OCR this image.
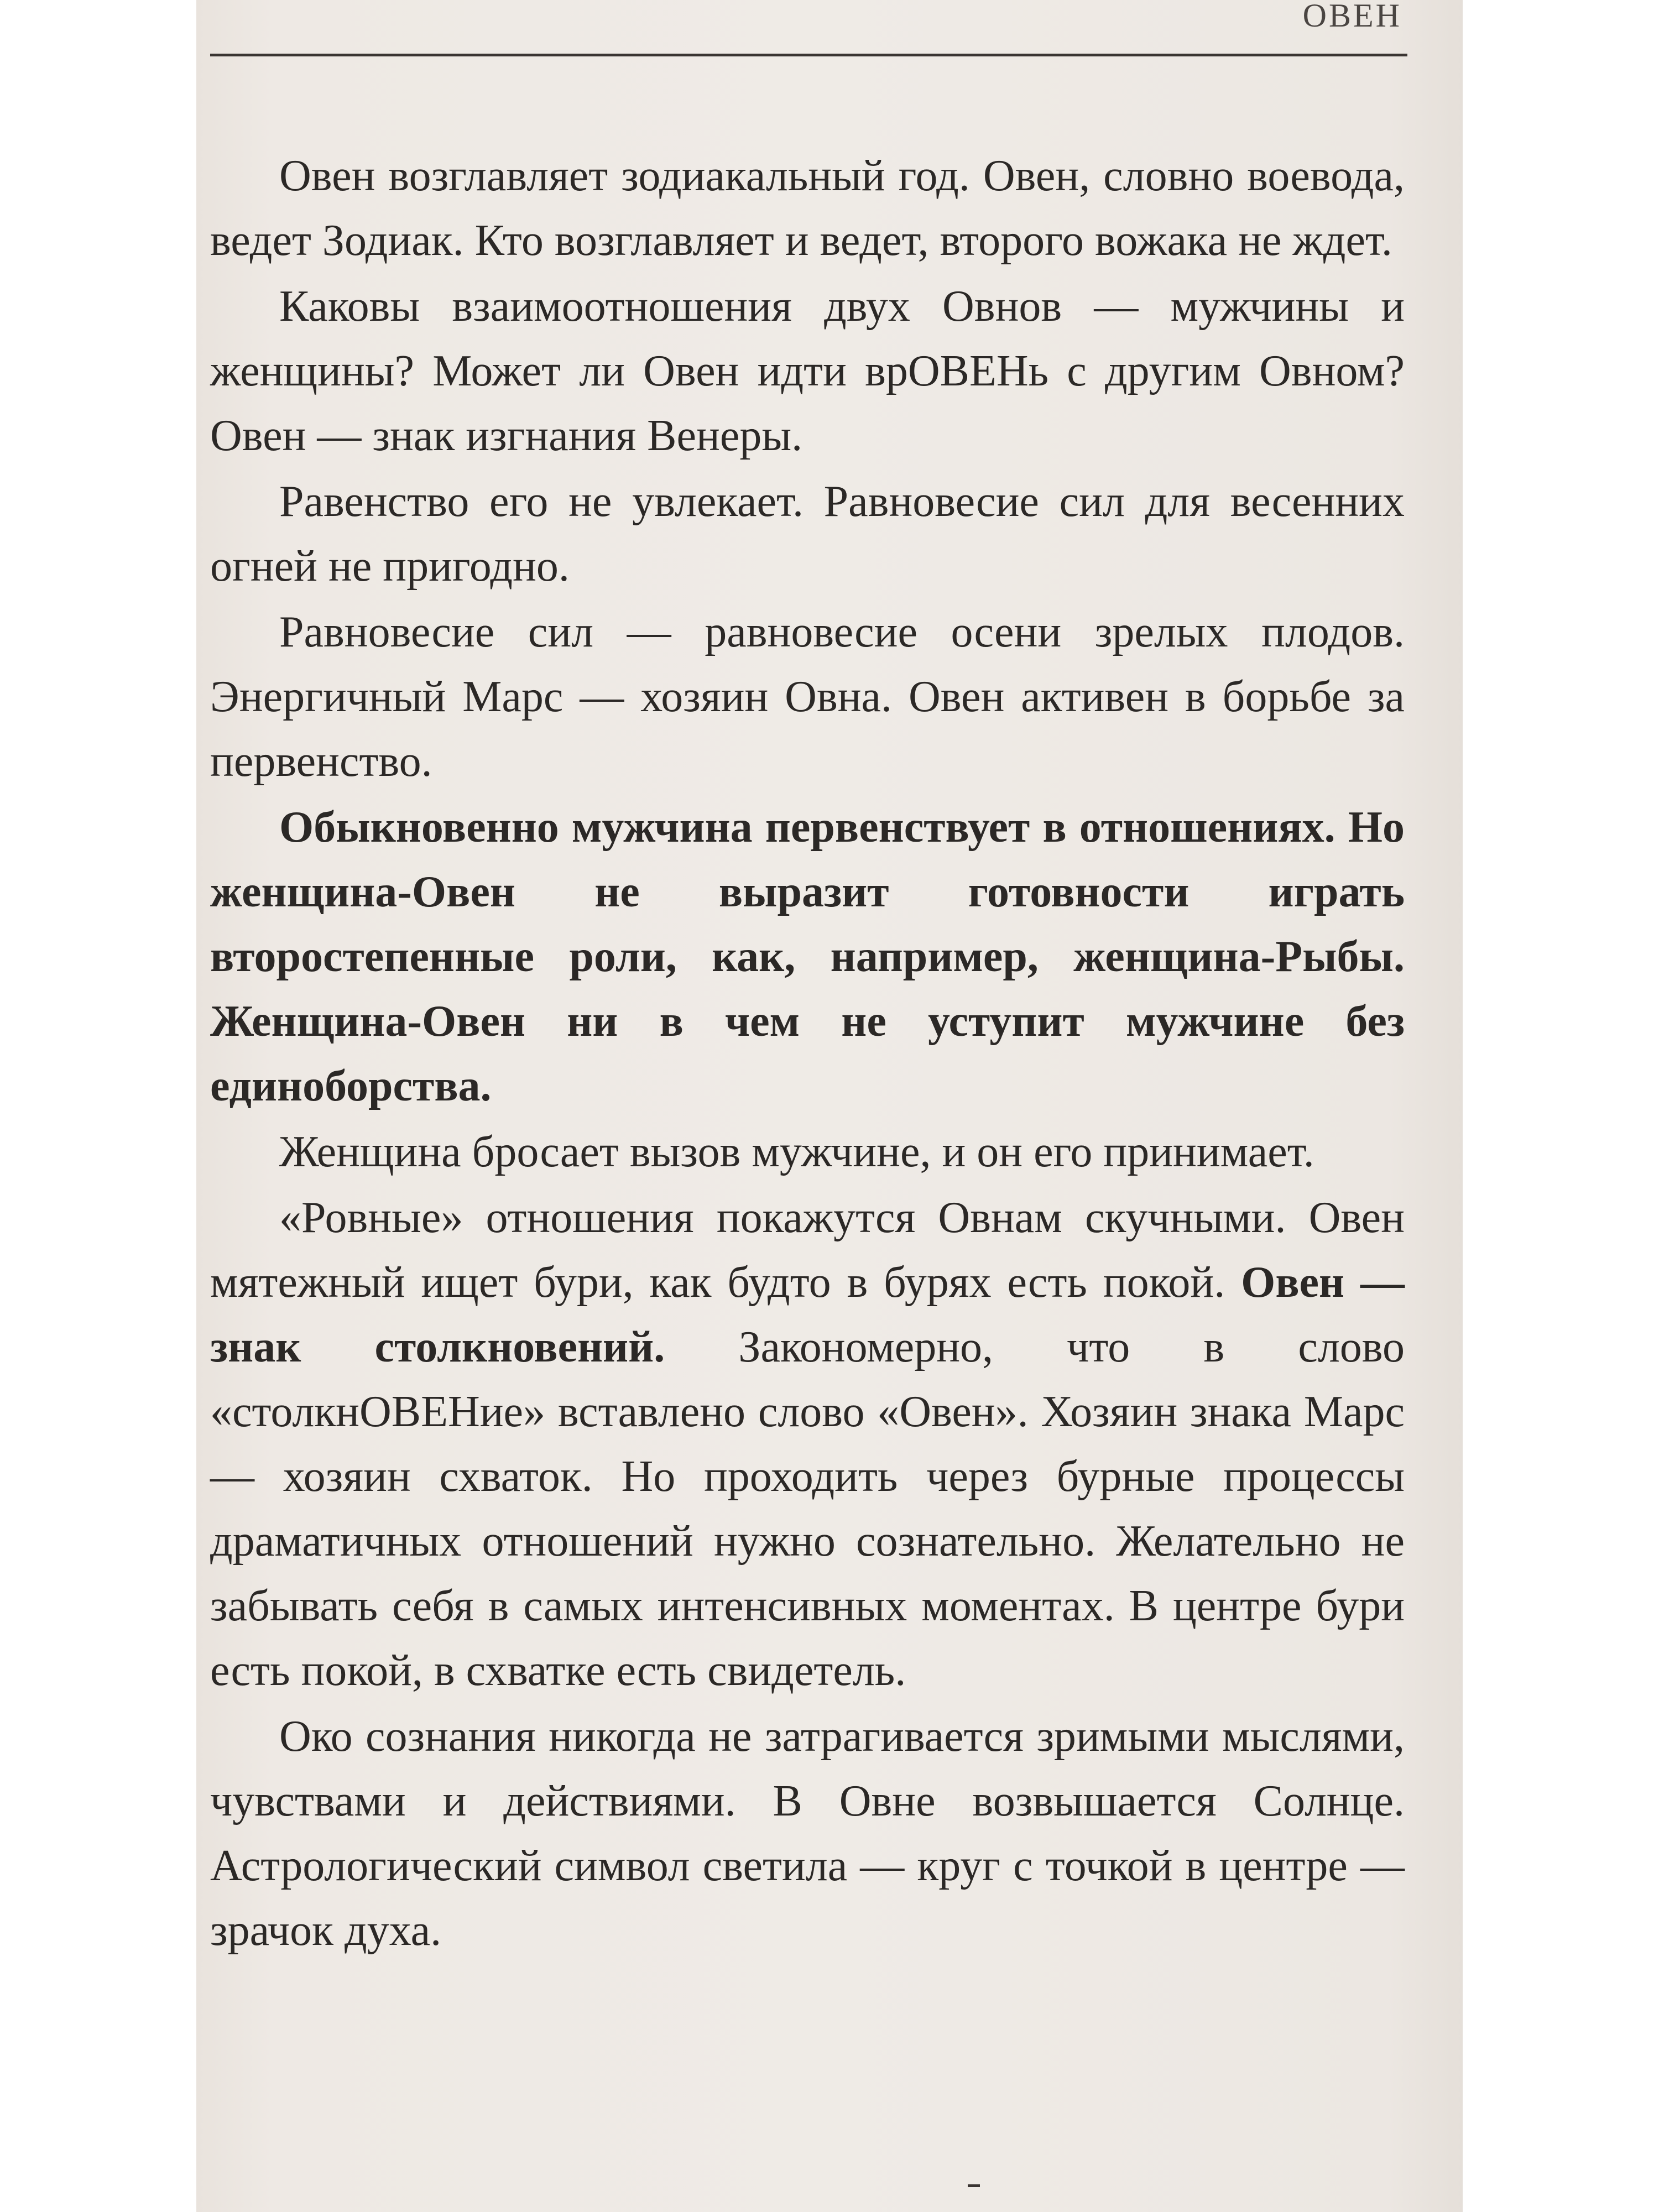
ОВЕН

Овен возглавляет зодиакальный год. Овен, словно воевода, ведет Зодиак. Кто возглавляет и ведет, второго вожака не ждет.

Каковы взаимоотношения двух Овнов — мужчины и женщины? Может ли Овен идти врОВЕНь с другим Овном? Овен — знак изгнания Венеры.

Равенство его не увлекает. Равновесие сил для весенних огней не пригодно.

Равновесие сил — равновесие осени зрелых плодов. Энергичный Марс — хозяин Овна. Овен активен в борьбе за первенство.

Обыкновенно мужчина первенствует в отношениях. Но женщина-Овен не выразит готовности играть второстепенные роли, как, например, женщина-Рыбы. Женщина-Овен ни в чем не уступит мужчине без единоборства.

Женщина бросает вызов мужчине, и он его принимает.

«Ровные» отношения покажутся Овнам скучными. Овен мятежный ищет бури, как будто в бурях есть покой. Овен — знак столкновений. Закономерно, что в слово «столкнОВЕНие» вставлено слово «Овен». Хозяин знака Марс — хозяин схваток. Но проходить через бурные процессы драматичных отношений нужно сознательно. Желательно не забывать себя в самых интенсивных моментах. В центре бури есть покой, в схватке есть свидетель.

Око сознания никогда не затрагивается зримыми мыслями, чувствами и действиями. В Овне возвышается Солнце. Астрологический символ светила — круг с точкой в центре — зрачок духа.
